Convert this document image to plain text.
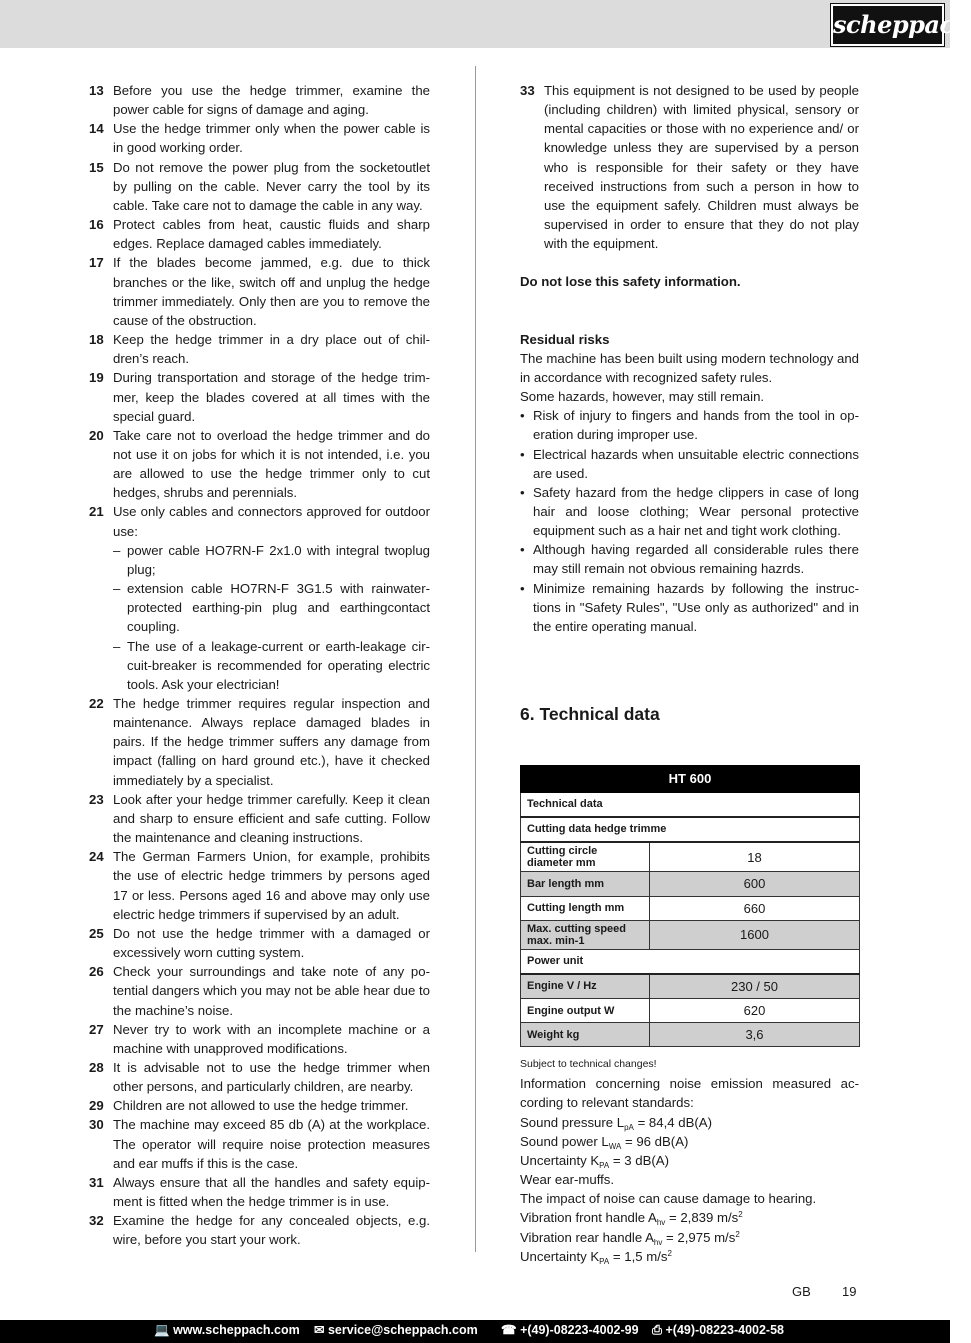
scheppach
13 Before you use the hedge trimmer, examine the power cable for signs of damage and aging.
14 Use the hedge trimmer only when the power cable is in good working order.
15 Do not remove the power plug from the socketoutlet by pulling on the cable. Never carry the tool by its cable. Take care not to damage the cable in any way.
16 Protect cables from heat, caustic fluids and sharp edges. Replace damaged cables immediately.
17 If the blades become jammed, e.g. due to thick branches or the like, switch off and unplug the hedge trimmer immediately. Only then are you to remove the cause of the obstruction.
18 Keep the hedge trimmer in a dry place out of children’s reach.
19 During transportation and storage of the hedge trimmer, keep the blades covered at all times with the special guard.
20 Take care not to overload the hedge trimmer and do not use it on jobs for which it is not intended, i.e. you are allowed to use the hedge trimmer only to cut hedges, shrubs and perennials.
21 Use only cables and connectors approved for outdoor use:
– power cable HO7RN-F 2x1.0 with integral twoplug plug;
– extension cable HO7RN-F 3G1.5 with rainwater-protected earthing-pin plug and earthingcontact coupling.
– The use of a leakage-current or earth-leakage circuit-breaker is recommended for operating electric tools. Ask your electrician!
22 The hedge trimmer requires regular inspection and maintenance. Always replace damaged blades in pairs. If the hedge trimmer suffers any damage from impact (falling on hard ground etc.), have it checked immediately by a specialist.
23 Look after your hedge trimmer carefully. Keep it clean and sharp to ensure efficient and safe cutting. Follow the maintenance and cleaning instructions.
24 The German Farmers Union, for example, prohibits the use of electric hedge trimmers by persons aged 17 or less. Persons aged 16 and above may only use electric hedge trimmers if supervised by an adult.
25 Do not use the hedge trimmer with a damaged or excessively worn cutting system.
26 Check your surroundings and take note of any potential dangers which you may not be able hear due to the machine’s noise.
27 Never try to work with an incomplete machine or a machine with unapproved modifications.
28 It is advisable not to use the hedge trimmer when other persons, and particularly children, are nearby.
29 Children are not allowed to use the hedge trimmer.
30 The machine may exceed 85 db (A) at the workplace. The operator will require noise protection measures and ear muffs if this is the case.
31 Always ensure that all the handles and safety equipment is fitted when the hedge trimmer is in use.
32 Examine the hedge for any concealed objects, e.g. wire, before you start your work.
33 This equipment is not designed to be used by people (including children) with limited physical, sensory or mental capacities or those with no experience and/ or knowledge unless they are supervised by a person who is responsible for their safety or they have received instructions from such a person in how to use the equipment safely. Children must always be supervised in order to ensure that they do not play with the equipment.
Do not lose this safety information.
Residual risks
The machine has been built using modern technology and in accordance with recognized safety rules.
Some hazards, however, may still remain.
• Risk of injury to fingers and hands from the tool in operation during improper use.
• Electrical hazards when unsuitable electric connections are used.
• Safety hazard from the hedge clippers in case of long hair and loose clothing; Wear personal protective equipment such as a hair net and tight work clothing.
• Although having regarded all considerable rules there may still remain not obvious remaining hazrds.
• Minimize remaining hazards by following the instructions in "Safety Rules", "Use only as authorized" and in the entire operating manual.
6. Technical data
HT 600	
Technical data	
Cutting data hedge trimme	
Cutting circle diameter mm	18
Bar length mm	600
Cutting length mm	660
Max. cutting speed max. min-1	1600
Power unit	
Engine V / Hz	230 / 50
Engine output W	620
Weight kg	3,6
Subject to technical changes!
Information concerning noise emission measured according to relevant standards:
Sound pressure $L_{pA} = 84,4$ dB(A)
Sound power $L_{WA} = 96$ dB(A)
Uncertainty $K_{PA} = 3$ dB(A)
Wear ear-muffs.
The impact of noise can cause damage to hearing.
Vibration front handle $A_{hv} = 2,839$ $m/s^2$
Vibration rear handle $A_{hv} = 2,975$ $m/s^2$
Uncertainty $K_{PA} = 1,5$ $m/s^2$
GB 19
💻 www.scheppach.com ✉ service@scheppach.com ☎ +(49)-08223-4002-99 ⎙ +(49)-08223-4002-58
